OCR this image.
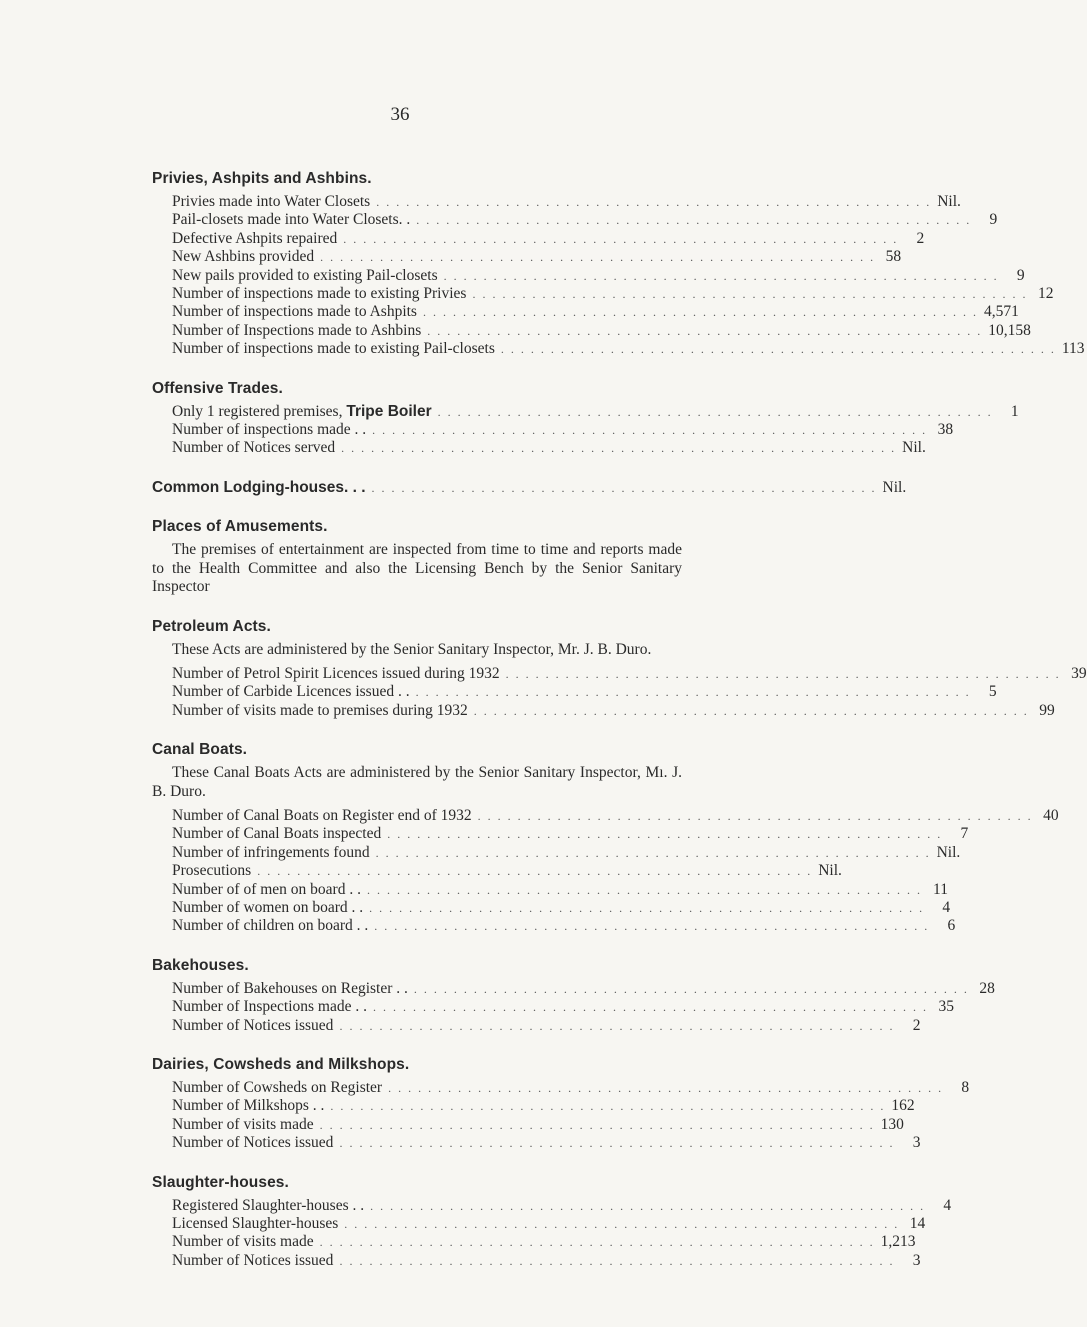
36
Privies, Ashpits and Ashbins.
Privies made into Water Closets . . . . . . . . . . . . . . . . . . . . . . . . . . . . . . . . . . . . . . . . . . . . . . . . . . . . . . . . Nil.
Pail-closets made into Water Closets. . . . . . . . . . . . . . . . . . . . . . . . . . . . . . . . . . . . . . . . . . . . . . . . . . . . . . . . . .	9
Defective Ashpits repaired . . . . . . . . . . . . . . . . . . . . . . . . . . . . . . . . . . . . . . . . . . . . . . . . . . . . . . . .	2
New Ashbins provided . . . . . . . . . . . . . . . . . . . . . . . . . . . . . . . . . . . . . . . . . . . . . . . . . . . . . . . . 58
New pails provided to existing Pail-closets . . . . . . . . . . . . . . . . . . . . . . . . . . . . . . . . . . . . . . . . . . . . . . . . . . . . . . . .	9
Number of inspections made to existing Privies . . . . . . . . . . . . . . . . . . . . . . . . . . . . . . . . . . . . . . . . . . . . . . . . . . . . . . . . 12
Number of inspections made to Ashpits . . . . . . . . . . . . . . . . . . . . . . . . . . . . . . . . . . . . . . . . . . . . . . . . . . . . . . . . 4,571
Number of Inspections made to Ashbins . . . . . . . . . . . . . . . . . . . . . . . . . . . . . . . . . . . . . . . . . . . . . . . . . . . . . . . . 10,158
Number of inspections made to existing Pail-closets . . . . . . . . . . . . . . . . . . . . . . . . . . . . . . . . . . . . . . . . . . . . . . . . . . . . . . . . 113
Offensive Trades.
Only 1 registered premises, Tripe Boiler . . . . . . . . . . . . . . . . . . . . . . . . . . . . . . . . . . . . . . . . . . . . . . . . . . . . . . . .	1
Number of inspections made . . . . . . . . . . . . . . . . . . . . . . . . . . . . . . . . . . . . . . . . . . . . . . . . . . . . . . . . . . 38
Number of Notices served . . . . . . . . . . . . . . . . . . . . . . . . . . . . . . . . . . . . . . . . . . . . . . . . . . . . . . . . Nil.
Common Lodging-houses. . . . . . . . . . . . . . . . . . . . . . . . . . . . . . . . . . . . . . . . . . . . . . . . . . . . . . Nil.
Places of Amusements.

The premises of entertainment are inspected from time to time and reports made to the Health Committee and also the Licensing Bench by the Senior Sanitary Inspector

Petroleum Acts.

These Acts are administered by the Senior Sanitary Inspector, Mr. J. B. Duro.

Number of Petrol Spirit Licences issued during 1932 . . . . . . . . . . . . . . . . . . . . . . . . . . . . . . . . . . . . . . . . . . . . . . . . . . . . . . . . 39
Number of Carbide Licences issued . . . . . . . . . . . . . . . . . . . . . . . . . . . . . . . . . . . . . . . . . . . . . . . . . . . . . . . . . .	5
Number of visits made to premises during 1932 . . . . . . . . . . . . . . . . . . . . . . . . . . . . . . . . . . . . . . . . . . . . . . . . . . . . . . . . 99
Canal Boats.

These Canal Boats Acts are administered by the Senior Sanitary Inspector, Mı. J. B. Duro.

Number of Canal Boats on Register end of 1932 . . . . . . . . . . . . . . . . . . . . . . . . . . . . . . . . . . . . . . . . . . . . . . . . . . . . . . . . 40
Number of Canal Boats inspected . . . . . . . . . . . . . . . . . . . . . . . . . . . . . . . . . . . . . . . . . . . . . . . . . . . . . . . .	7
Number of infringements found . . . . . . . . . . . . . . . . . . . . . . . . . . . . . . . . . . . . . . . . . . . . . . . . . . . . . . . . Nil.
Prosecutions . . . . . . . . . . . . . . . . . . . . . . . . . . . . . . . . . . . . . . . . . . . . . . . . . . . . . . . . Nil.
Number of of men on board . . . . . . . . . . . . . . . . . . . . . . . . . . . . . . . . . . . . . . . . . . . . . . . . . . . . . . . . . . 11
Number of women on board . . . . . . . . . . . . . . . . . . . . . . . . . . . . . . . . . . . . . . . . . . . . . . . . . . . . . . . . . .	4
Number of children on board . . . . . . . . . . . . . . . . . . . . . . . . . . . . . . . . . . . . . . . . . . . . . . . . . . . . . . . . . .	6
Bakehouses.
Number of Bakehouses on Register . . . . . . . . . . . . . . . . . . . . . . . . . . . . . . . . . . . . . . . . . . . . . . . . . . . . . . . . . . 28
Number of Inspections made . . . . . . . . . . . . . . . . . . . . . . . . . . . . . . . . . . . . . . . . . . . . . . . . . . . . . . . . . . 35
Number of Notices issued . . . . . . . . . . . . . . . . . . . . . . . . . . . . . . . . . . . . . . . . . . . . . . . . . . . . . . . .	2
Dairies, Cowsheds and Milkshops.
Number of Cowsheds on Register . . . . . . . . . . . . . . . . . . . . . . . . . . . . . . . . . . . . . . . . . . . . . . . . . . . . . . . .	8
Number of Milkshops . . . . . . . . . . . . . . . . . . . . . . . . . . . . . . . . . . . . . . . . . . . . . . . . . . . . . . . . . . 162
Number of visits made . . . . . . . . . . . . . . . . . . . . . . . . . . . . . . . . . . . . . . . . . . . . . . . . . . . . . . . . 130
Number of Notices issued . . . . . . . . . . . . . . . . . . . . . . . . . . . . . . . . . . . . . . . . . . . . . . . . . . . . . . . .	3
Slaughter-houses.
Registered Slaughter-houses . . . . . . . . . . . . . . . . . . . . . . . . . . . . . . . . . . . . . . . . . . . . . . . . . . . . . . . . . .	4
Licensed Slaughter-houses . . . . . . . . . . . . . . . . . . . . . . . . . . . . . . . . . . . . . . . . . . . . . . . . . . . . . . . . 14
Number of visits made . . . . . . . . . . . . . . . . . . . . . . . . . . . . . . . . . . . . . . . . . . . . . . . . . . . . . . . . 1,213
Number of Notices issued . . . . . . . . . . . . . . . . . . . . . . . . . . . . . . . . . . . . . . . . . . . . . . . . . . . . . . . .	3
